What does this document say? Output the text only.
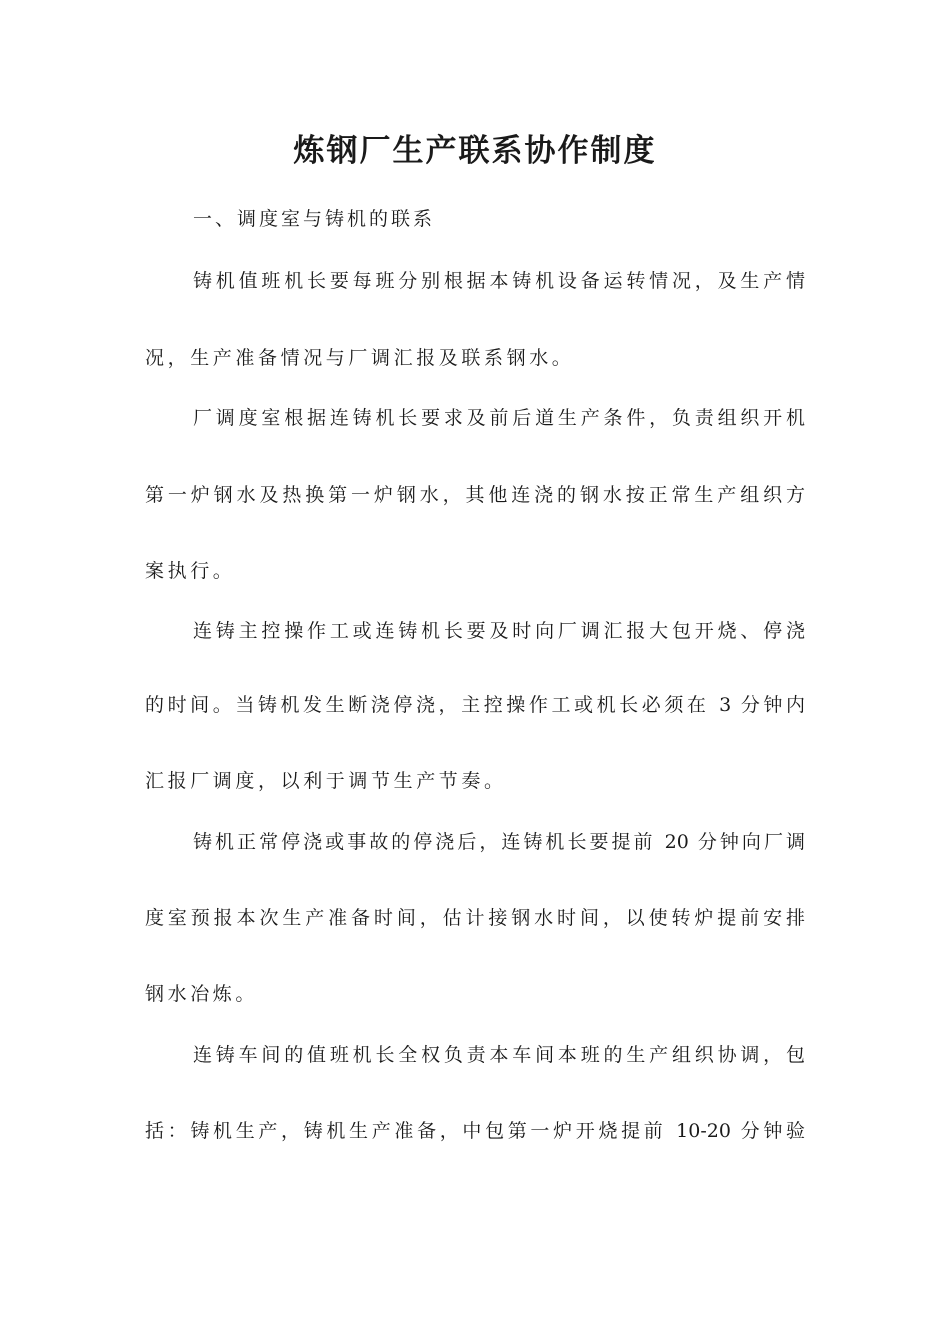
炼钢厂生产联系协作制度

一、调度室与铸机的联系

铸机值班机长要每班分别根据本铸机设备运转情况，及生产情

况，生产准备情况与厂调汇报及联系钢水。

厂调度室根据连铸机长要求及前后道生产条件，负责组织开机

第一炉钢水及热换第一炉钢水，其他连浇的钢水按正常生产组织方

案执行。

连铸主控操作工或连铸机长要及时向厂调汇报大包开烧、停浇

的时间。当铸机发生断浇停浇，主控操作工或机长必须在 3 分钟内

汇报厂调度，以利于调节生产节奏。

铸机正常停浇或事故的停浇后，连铸机长要提前 20 分钟向厂调

度室预报本次生产准备时间，估计接钢水时间，以使转炉提前安排

钢水冶炼。

连铸车间的值班机长全权负责本车间本班的生产组织协调，包

括：铸机生产，铸机生产准备，中包第一炉开烧提前 10-20 分钟验
